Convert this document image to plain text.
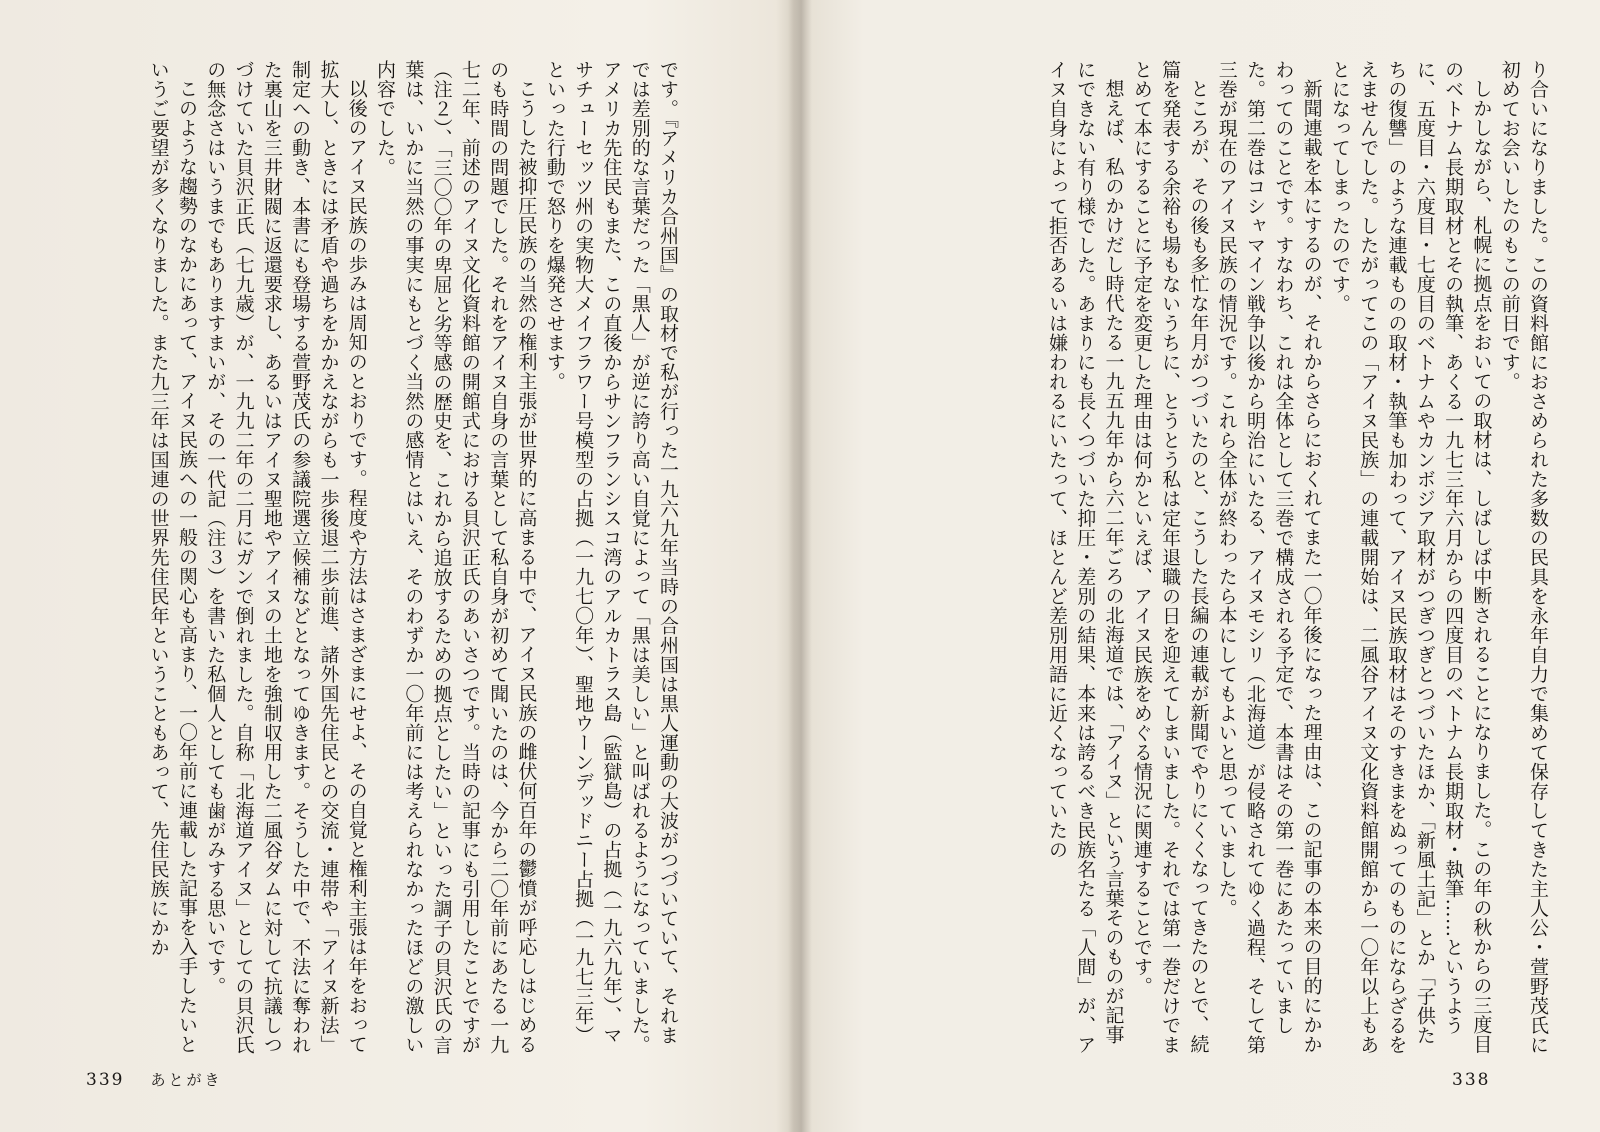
です。『アメリカ合州国』の取材で私が行った一九六九年当時の合州国は黒人運動の大波がつづいていて、それまでは差別的な言葉だった「黒人」が逆に誇り高い自覚によって「黒は美しい」と叫ばれるようになっていました。アメリカ先住民もまた、この直後からサンフランシスコ湾のアルカトラス島（監獄島）の占拠（一九六九年）、マサチューセッツ州の実物大メイフラワー号模型の占拠（一九七〇年）、聖地ウーンデッドニー占拠（一九七三年）といった行動で怒りを爆発させます。

こうした被抑圧民族の当然の権利主張が世界的に高まる中で、アイヌ民族の雌伏何百年の鬱憤が呼応しはじめるのも時間の問題でした。それをアイヌ自身の言葉として私自身が初めて聞いたのは、今から二〇年前にあたる一九七二年、前述のアイヌ文化資料館の開館式における貝沢正氏のあいさつです。当時の記事にも引用したことですが（注２）、「三〇〇年の卑屈と劣等感の歴史を、これから追放するための拠点としたい」といった調子の貝沢氏の言葉は、いかに当然の事実にもとづく当然の感情とはいえ、そのわずか一〇年前には考えられなかったほどの激しい内容でした。

以後のアイヌ民族の歩みは周知のとおりです。程度や方法はさまざまにせよ、その自覚と権利主張は年をおって拡大し、ときには矛盾や過ちをかかえながらも一歩後退二歩前進、諸外国先住民との交流・連帯や「アイヌ新法」制定への動き、本書にも登場する萱野茂氏の参議院選立候補などとなってゆきます。そうした中で、不法に奪われた裏山を三井財閥に返還要求し、あるいはアイヌ聖地やアイヌの土地を強制収用した二風谷ダムに対して抗議しつづけていた貝沢正氏（七九歳）が、一九九二年の二月にガンで倒れました。自称「北海道アイヌ」としての貝沢氏の無念さはいうまでもありますまいが、その一代記（注３）を書いた私個人としても歯がみする思いです。

このような趨勢のなかにあって、アイヌ民族への一般の関心も高まり、一〇年前に連載した記事を入手したいというご要望が多くなりました。また九三年は国連の世界先住民年ということもあって、先住民族にかか

339 あとがき

り合いになりました。この資料館におさめられた多数の民具を永年自力で集めて保存してきた主人公・萱野茂氏に初めてお会いしたのもこの前日です。

しかしながら、札幌に拠点をおいての取材は、しばしば中断されることになりました。この年の秋からの三度目のベトナム長期取材とその執筆、あくる一九七三年六月からの四度目のベトナム長期取材・執筆……というように、五度目・六度目・七度目のベトナムやカンボジア取材がつぎつぎとつづいたほか、「新風土記」とか「子供たちの復讐」のような連載ものの取材・執筆も加わって、アイヌ民族取材はそのすきまをぬってのものにならざるをえませんでした。したがってこの「アイヌ民族」の連載開始は、二風谷アイヌ文化資料館開館から一〇年以上もあとになってしまったのです。

新聞連載を本にするのが、それからさらにおくれてまた一〇年後になった理由は、この記事の本来の目的にかかわってのことです。すなわち、これは全体として三巻で構成される予定で、本書はその第一巻にあたっていました。第二巻はコシャマイン戦争以後から明治にいたる、アイヌモシリ（北海道）が侵略されてゆく過程、そして第三巻が現在のアイヌ民族の情況です。これら全体が終わったら本にしてもよいと思っていました。

ところが、その後も多忙な年月がつづいたのと、こうした長編の連載が新聞でやりにくくなってきたのとで、続篇を発表する余裕も場もないうちに、とうとう私は定年退職の日を迎えてしまいました。それでは第一巻だけでまとめて本にすることに予定を変更した理由は何かといえば、アイヌ民族をめぐる情況に関連することです。

想えば、私のかけだし時代たる一九五九年から六二年ごろの北海道では、「アイヌ」という言葉そのものが記事にできない有り様でした。あまりにも長くつづいた抑圧・差別の結果、本来は誇るべき民族名たる「人間」が、アイヌ自身によって拒否あるいは嫌われるにいたって、ほとんど差別用語に近くなっていたの

338
